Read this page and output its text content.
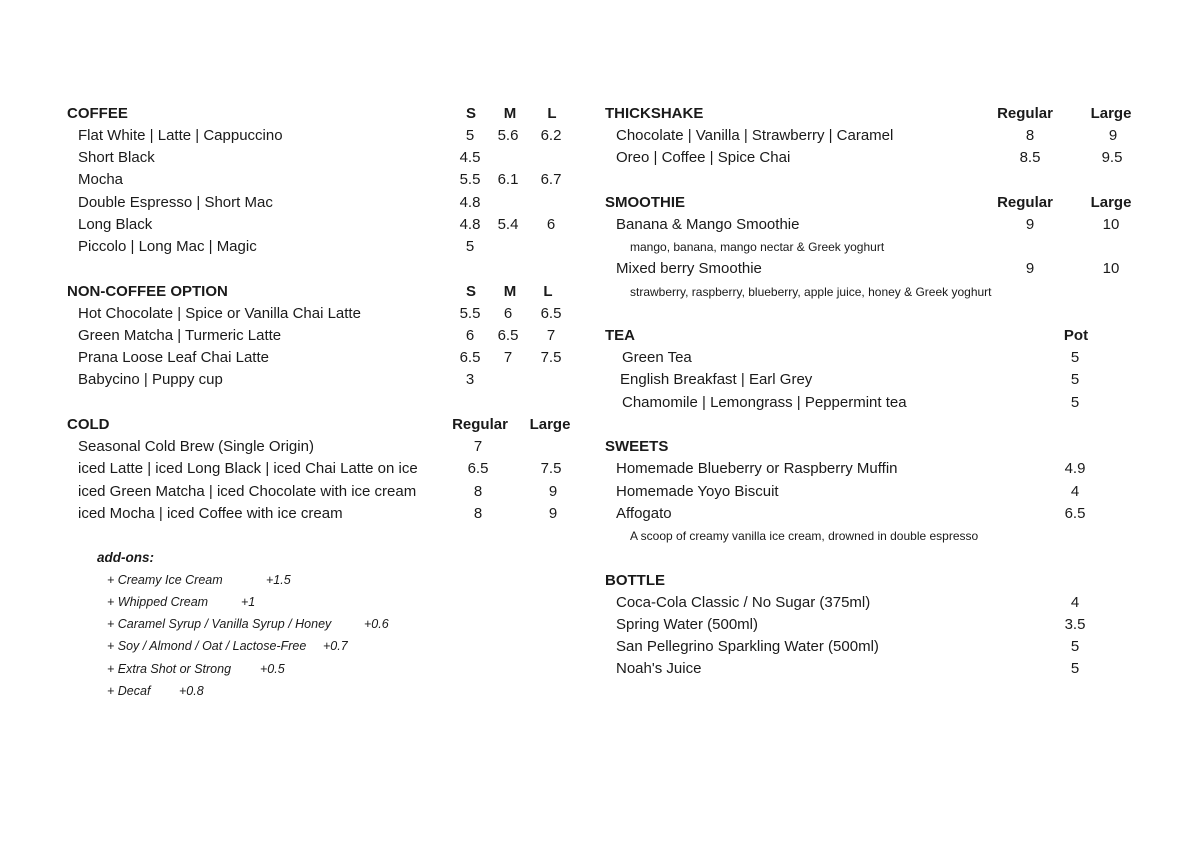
COFFEE	S M L
Flat White | Latte | Cappuccino	5 5.6 6.2
Short Black	4.5
Mocha	5.5 6.1 6.7
Double Espresso | Short Mac	4.8
Long Black	4.8 5.4 6
Piccolo | Long Mac | Magic	5
NON-COFFEE OPTION	S M L
Hot Chocolate | Spice or Vanilla Chai Latte	5.5 6 6.5
Green Matcha | Turmeric Latte	6 6.5 7
Prana Loose Leaf Chai Latte	6.5 7 7.5
Babycino | Puppy cup	3
COLD	Regular Large
Seasonal Cold Brew (Single Origin)	7
iced Latte | iced Long Black | iced Chai Latte on ice	6.5	7.5
iced Green Matcha | iced Chocolate with ice cream	8	9
iced Mocha | iced Coffee with ice cream	8	9
add-ons:
+ Creamy Ice Cream	+1.5
+ Whipped Cream	+1
+ Caramel Syrup / Vanilla Syrup / Honey	+0.6
+ Soy / Almond / Oat / Lactose-Free +0.7
+ Extra Shot or Strong +0.5
+ Decaf +0.8
THICKSHAKE	Regular	Large
Chocolate | Vanilla | Strawberry | Caramel	8	9
Oreo | Coffee | Spice Chai	8.5	9.5
SMOOTHIE	Regular	Large
Banana & Mango Smoothie	9	10
mango, banana, mango nectar & Greek yoghurt
Mixed berry Smoothie	9	10
strawberry, raspberry, blueberry, apple juice, honey & Greek yoghurt
TEA	Pot
Green Tea	5
English Breakfast | Earl Grey	5
Chamomile | Lemongrass | Peppermint tea	5
SWEETS
Homemade Blueberry or Raspberry Muffin	4.9
Homemade Yoyo Biscuit	4
Affogato	6.5
A scoop of creamy vanilla ice cream, drowned in double espresso
BOTTLE
Coca-Cola Classic / No Sugar (375ml)	4
Spring Water (500ml)	3.5
San Pellegrino Sparkling Water (500ml)	5
Noah's Juice	5
